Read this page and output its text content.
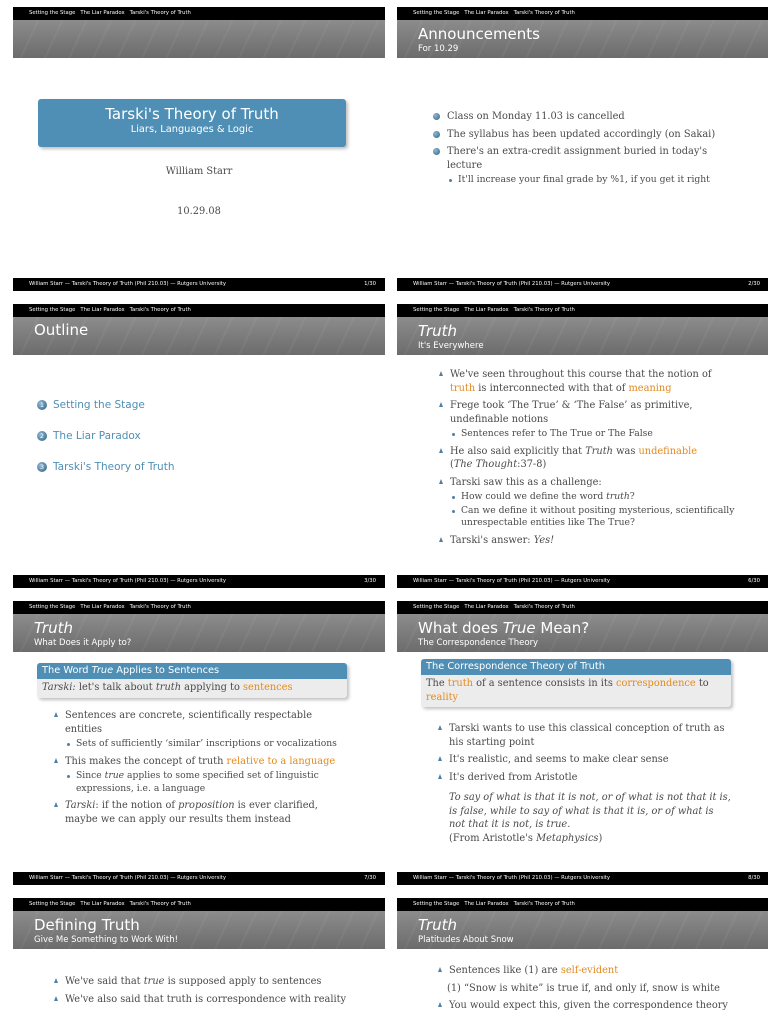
Setting the Stage The Liar Paradox Tarski's Theory of Truth
Tarski's Theory of Truth
Liars, Languages & Logic
William Starr
10.29.08
William Starr — Tarski's Theory of Truth (Phil 210.03) — Rutgers University	1/30
Setting the Stage The Liar Paradox Tarski's Theory of Truth
Announcements
For 10.29
Class on Monday 11.03 is cancelled
The syllabus has been updated accordingly (on Sakai)
There's an extra-credit assignment buried in today's lecture
It'll increase your final grade by %1, if you get it right
William Starr — Tarski's Theory of Truth (Phil 210.03) — Rutgers University	2/30
Setting the Stage The Liar Paradox Tarski's Theory of Truth
Outline
1 Setting the Stage
2 The Liar Paradox
3 Tarski's Theory of Truth
William Starr — Tarski's Theory of Truth (Phil 210.03) — Rutgers University	3/30
Setting the Stage The Liar Paradox Tarski's Theory of Truth
Truth
It's Everywhere
We've seen throughout this course that the notion of truth is interconnected with that of meaning
Frege took ‘The True’ & ‘The False’ as primitive, undefinable notions
Sentences refer to The True or The False
He also said explicitly that Truth was undefinable
(The Thought:37-8)
Tarski saw this as a challenge:
How could we define the word truth?
Can we define it without positing mysterious, scientifically unrespectable entities like The True?
Tarski's answer: Yes!
William Starr — Tarski's Theory of Truth (Phil 210.03) — Rutgers University	6/30
Setting the Stage The Liar Paradox Tarski's Theory of Truth
Truth
What Does it Apply to?
The Word True Applies to Sentences
Tarski: let's talk about truth applying to sentences
Sentences are concrete, scientifically respectable entities
Sets of sufficiently ‘similar’ inscriptions or vocalizations
This makes the concept of truth relative to a language
Since true applies to some specified set of linguistic expressions, i.e. a language
Tarski: if the notion of proposition is ever clarified, maybe we can apply our results them instead
William Starr — Tarski's Theory of Truth (Phil 210.03) — Rutgers University	7/30
Setting the Stage The Liar Paradox Tarski's Theory of Truth
What does True Mean?
The Correspondence Theory
The Correspondence Theory of Truth
The truth of a sentence consists in its correspondence to reality
Tarski wants to use this classical conception of truth as his starting point
It's realistic, and seems to make clear sense
It's derived from Aristotle
To say of what is that it is not, or of what is not that it is, is false, while to say of what is that it is, or of what is not that it is not, is true.
(From Aristotle's Metaphysics)
William Starr — Tarski's Theory of Truth (Phil 210.03) — Rutgers University	8/30
Setting the Stage The Liar Paradox Tarski's Theory of Truth
Defining Truth
Give Me Something to Work With!
We've said that true is supposed apply to sentences
We've also said that truth is correspondence with reality
Setting the Stage The Liar Paradox Tarski's Theory of Truth
Truth
Platitudes About Snow
Sentences like (1) are self-evident
(1) “Snow is white” is true if, and only if, snow is white
You would expect this, given the correspondence theory
